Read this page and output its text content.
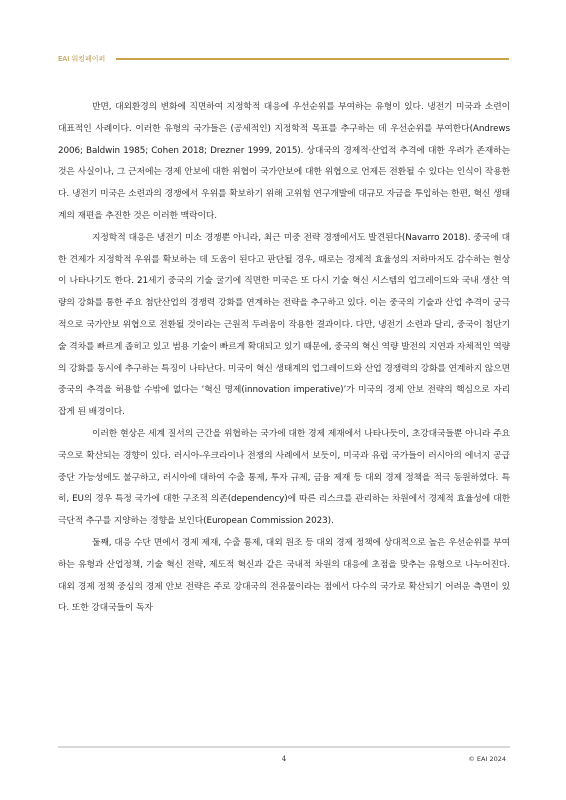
EAI 워킹페이퍼

반면, 대외환경의 변화에 직면하여 지정학적 대응에 우선순위를 부여하는 유형이 있다. 냉전기 미국과 소련이 대표적인 사례이다. 이러한 유형의 국가들은 (공세적인) 지정학적 목표를 추구하는 데 우선순위를 부여한다(Andrews 2006; Baldwin 1985; Cohen 2018; Drezner 1999, 2015). 상대국의 경제적·산업적 추격에 대한 우려가 존재하는 것은 사실이나, 그 근저에는 경제 안보에 대한 위협이 국가안보에 대한 위협으로 언제든 전환될 수 있다는 인식이 작용한다. 냉전기 미국은 소련과의 경쟁에서 우위를 확보하기 위해 고위험 연구개발에 대규모 자금을 투입하는 한편, 혁신 생태계의 재편을 추진한 것은 이러한 맥락이다.

지정학적 대응은 냉전기 미소 경쟁뿐 아니라, 최근 미중 전략 경쟁에서도 발견된다(Navarro 2018). 중국에 대한 견제가 지정학적 우위를 확보하는 데 도움이 된다고 판단될 경우, 때로는 경제적 효율성의 저하마저도 감수하는 현상이 나타나기도 한다. 21세기 중국의 기술 굴기에 직면한 미국은 또 다시 기술 혁신 시스템의 업그레이드와 국내 생산 역량의 강화를 통한 주요 첨단산업의 경쟁력 강화를 연계하는 전략을 추구하고 있다. 이는 중국의 기술과 산업 추격이 궁극적으로 국가안보 위협으로 전환될 것이라는 근원적 두려움이 작용한 결과이다. 다만, 냉전기 소련과 달리, 중국이 첨단기술 격차를 빠르게 좁히고 있고 범용 기술이 빠르게 확대되고 있기 때문에, 중국의 혁신 역량 발전의 지연과 자체적인 역량의 강화를 동시에 추구하는 특징이 나타난다. 미국이 혁신 생태계의 업그레이드와 산업 경쟁력의 강화를 연계하지 않으면 중국의 추격을 허용할 수밖에 없다는 ‘혁신 명제(innovation imperative)’가 미국의 경제 안보 전략의 핵심으로 자리 잡게 된 배경이다.

이러한 현상은 세계 질서의 근간을 위협하는 국가에 대한 경제 제재에서 나타나듯이, 초강대국들뿐 아니라 주요국으로 확산되는 경향이 있다. 러시아-우크라이나 전쟁의 사례에서 보듯이, 미국과 유럽 국가들이 러시아의 에너지 공급 중단 가능성에도 불구하고, 러시아에 대하여 수출 통제, 투자 규제, 금융 제재 등 대외 경제 정책을 적극 동원하였다. 특히, EU의 경우 특정 국가에 대한 구조적 의존(dependency)에 따른 리스크를 관리하는 차원에서 경제적 효율성에 대한 극단적 추구를 지양하는 경향을 보인다(European Commission 2023).

둘째, 대응 수단 면에서 경제 제재, 수출 통제, 대외 원조 등 대외 경제 정책에 상대적으로 높은 우선순위를 부여하는 유형과 산업정책, 기술 혁신 전략, 제도적 혁신과 같은 국내적 차원의 대응에 초점을 맞추는 유형으로 나누어진다. 대외 경제 정책 중심의 경제 안보 전략은 주로 강대국의 전유물이라는 점에서 다수의 국가로 확산되기 어려운 측면이 있다. 또한 강대국들이 독자

4	© EAI 2024
